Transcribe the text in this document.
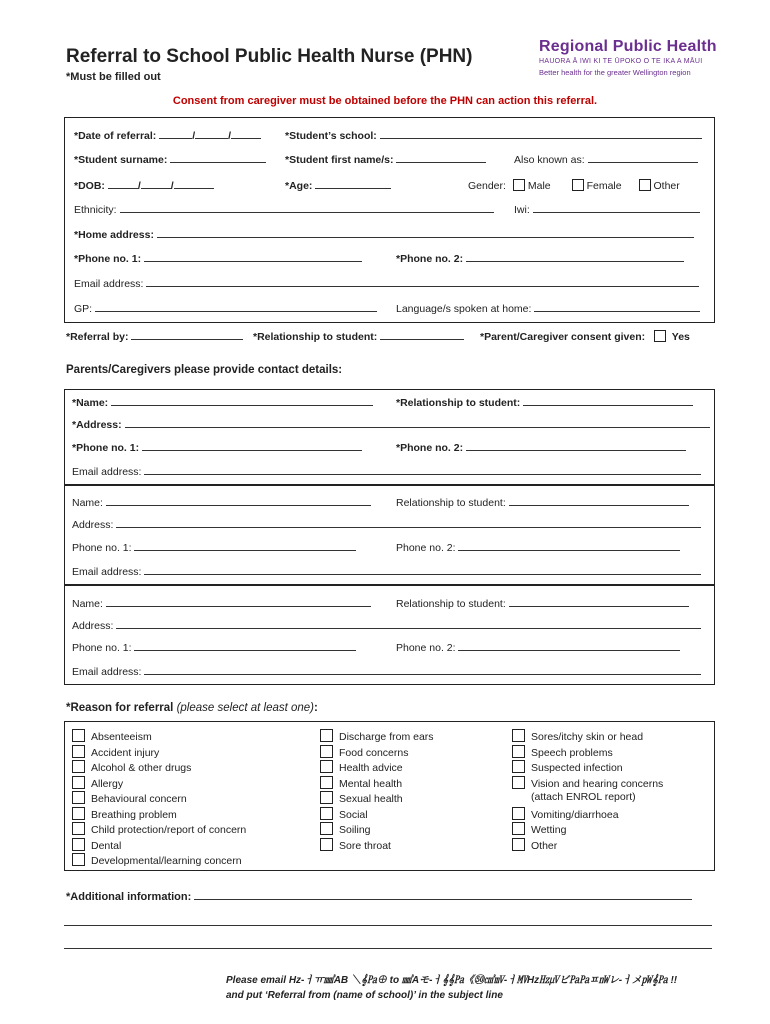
Referral to School Public Health Nurse (PHN)
*Must be filled out
Regional Public Health
HAUORA Ā IWI KI TE ŪPOKO O TE IKA A MĀUI
Better health for the greater Wellington region
Consent from caregiver must be obtained before the PHN can action this referral.
*Date of referral:	/	/	*Student’s school:
*Student surname:	*Student first name/s:	Also known as:
*DOB:	/	/	*Age:	Gender: Male	Female	Other
Ethnicity:	Iwi:
*Home address:
*Phone no. 1:	*Phone no. 2:
Email address:
GP:	Language/s spoken at home:
*Referral by:	*Relationship to student:	*Parent/Caregiver consent given:	Yes
Parents/Caregivers please provide contact details:
*Name:	*Relationship to student:
*Address:
*Phone no. 1:	*Phone no. 2:
Email address:
Name:	Relationship to student:
Address:
Phone no. 1:	Phone no. 2:
Email address:
Name:	Relationship to student:
Address:
Phone no. 1:	Phone no. 2:
Email address:
*Reason for referral (please select at least one):
Absenteeism
Accident injury
Alcohol & other drugs
Allergy
Behavioural concern
Breathing problem
Child protection/report of concern
Dental
Developmental/learning concern
Discharge from ears
Food concerns
Health advice
Mental health
Sexual health
Social
Soiling
Sore throat
Sores/itchy skin or head
Speech problems
Suspected infection
Vision and hearing concerns
(attach ENROL report)
Vomiting/diarrhoea
Wetting
Other
*Additional information:
Please email Hz-ㅓㅠ㎣AB ＼𝄞㎩⊕ to ㎣Aモ-ㅓ𝄞𝄞㎩《㊿㎠㎷-ㅓ㎹Hz㎐㎶ビ㎩㎩ㅍ㎻レ-ㅓメ㎺𝄞㎩ !!
and put ‘Referral from (name of school)’ in the subject line
